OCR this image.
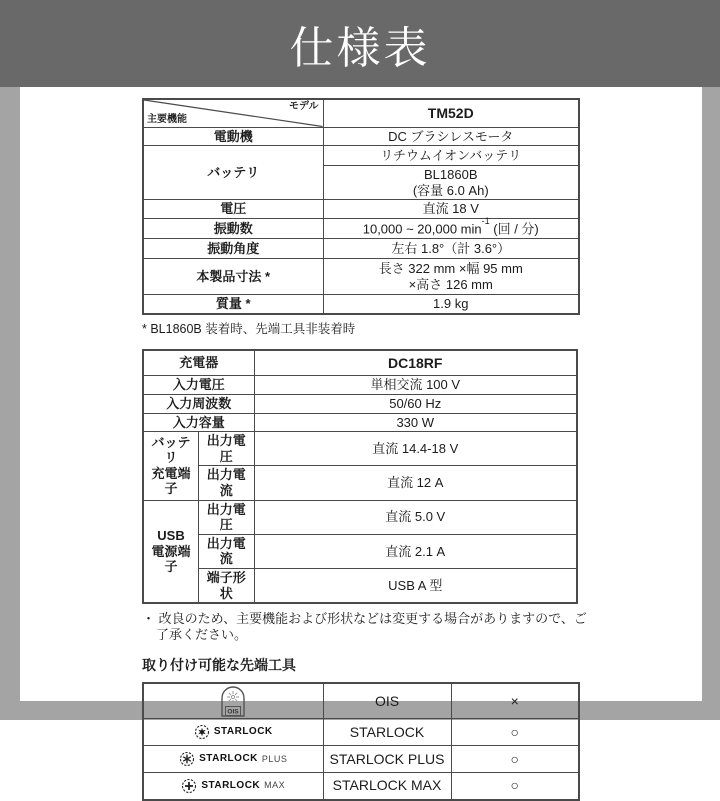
仕様表
モデル
主要機能	TM52D
電動機	DC ブラシレスモータ
バッテリ	リチウムイオンバッテリ

	BL1860B
(容量 6.0 Ah)

電圧	直流 18 V
振動数	10,000 ~ 20,000 $\min^{-1}$ (回 / 分)
振動角度	左右 1.8°（計 3.6°）
本製品寸法 *	長さ 322 mm ×幅 95 mm
×高さ 126 mm

質量 *	1.9 kg
* BL1860B 装着時、先端工具非装着時
充電器		DC18RF
入力電圧		単相交流 100 V
入力周波数		50/60 Hz
入力容量		330 W

バッテリ
充電端子	出力電圧	直流 14.4-18 V
	出力電流	直流 12 A

USB
電源端子	出力電圧	直流 5.0 V
	出力電流	直流 2.1 A
	端子形状	USB A 型
・ 改良のため、主要機能および形状などは変更する場合がありますので、ご
了承ください。
取り付け可能な先端工具
OIS	OIS	×

STARLOCK	STARLOCK	○

STARLOCK PLUS	STARLOCK PLUS	○

STARLOCK MAX	STARLOCK MAX	○
